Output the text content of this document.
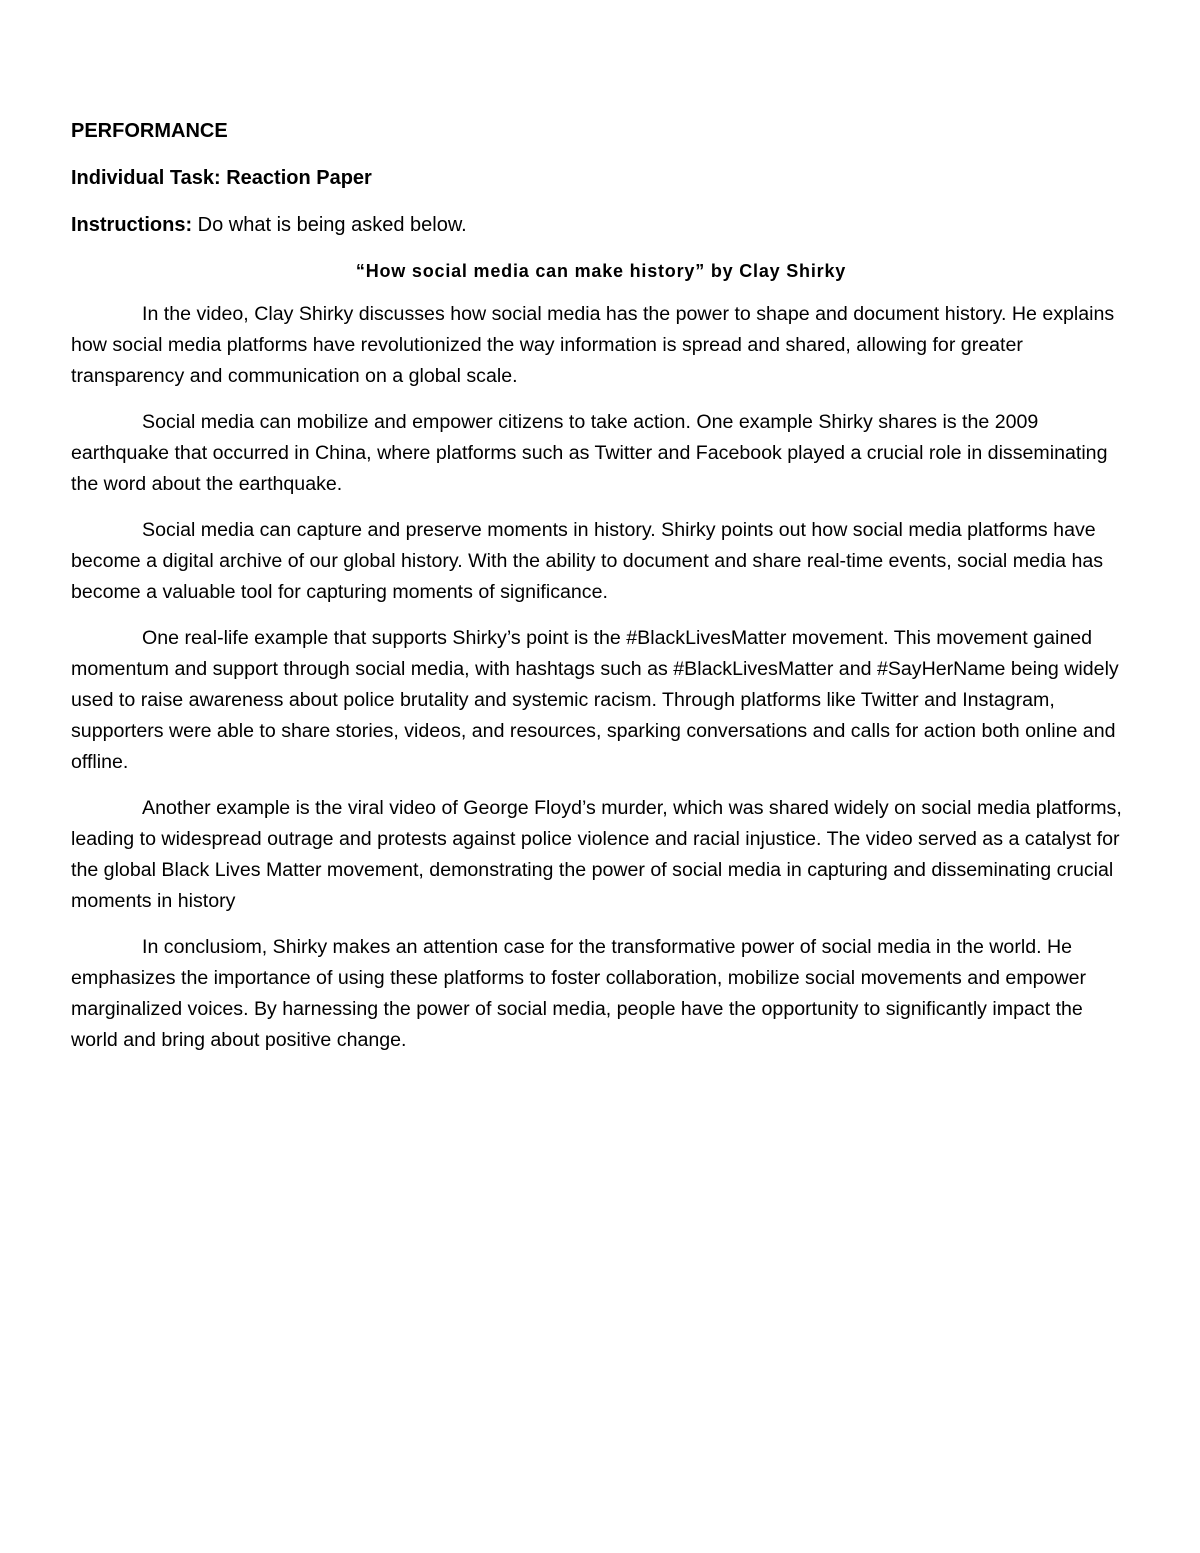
PERFORMANCE
Individual Task: Reaction Paper
Instructions: Do what is being asked below.
“How social media can make history” by Clay Shirky

In the video, Clay Shirky discusses how social media has the power to shape and document history. He explains how social media platforms have revolutionized the way information is spread and shared, allowing for greater transparency and communication on a global scale.

Social media can mobilize and empower citizens to take action. One example Shirky shares is the 2009 earthquake that occurred in China, where platforms such as Twitter and Facebook played a crucial role in disseminating the word about the earthquake.

Social media can capture and preserve moments in history. Shirky points out how social media platforms have become a digital archive of our global history. With the ability to document and share real-time events, social media has become a valuable tool for capturing moments of significance.

One real-life example that supports Shirky’s point is the #BlackLivesMatter movement. This movement gained momentum and support through social media, with hashtags such as #BlackLivesMatter and #SayHerName being widely used to raise awareness about police brutality and systemic racism. Through platforms like Twitter and Instagram, supporters were able to share stories, videos, and resources, sparking conversations and calls for action both online and offline.

Another example is the viral video of George Floyd’s murder, which was shared widely on social media platforms, leading to widespread outrage and protests against police violence and racial injustice. The video served as a catalyst for the global Black Lives Matter movement, demonstrating the power of social media in capturing and disseminating crucial moments in history

In conclusiom, Shirky makes an attention case for the transformative power of social media in the world. He emphasizes the importance of using these platforms to foster collaboration, mobilize social movements and empower marginalized voices. By harnessing the power of social media, people have the opportunity to significantly impact the world and bring about positive change.
